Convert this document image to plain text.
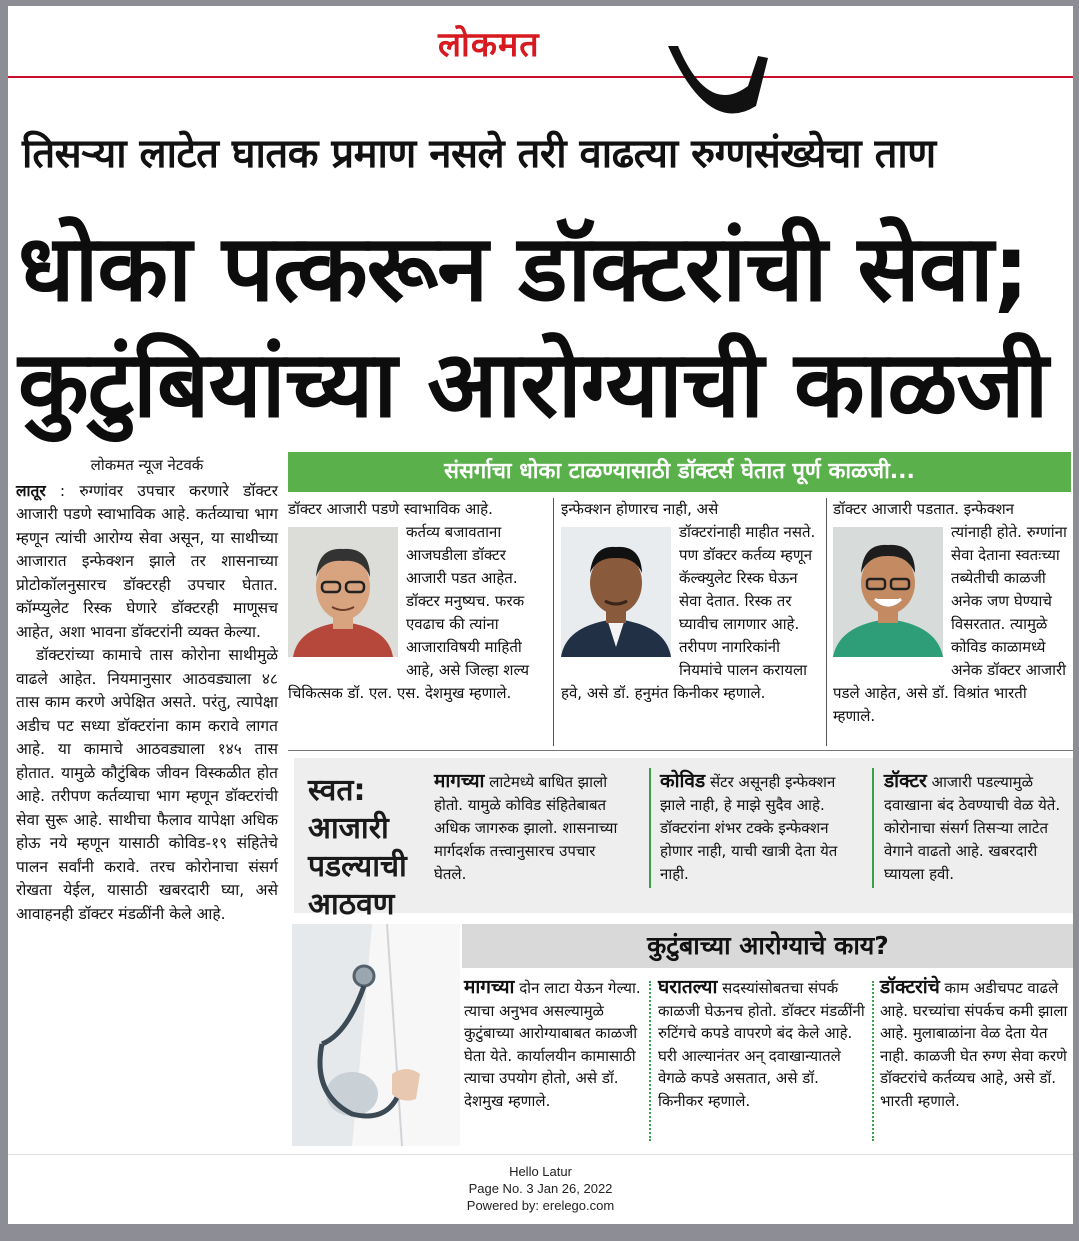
लोकमत
तिसऱ्या लाटेत घातक प्रमाण नसले तरी वाढत्या रुग्णसंख्येचा ताण
धोका पत्करून डॉक्टरांची सेवा;
कुटुंबियांच्या आरोग्याची काळजी
लोकमत न्यूज नेटवर्क

लातूर : रुग्णांवर उपचार करणारे डॉक्टर आजारी पडणे स्वाभाविक आहे. कर्तव्याचा भाग म्हणून त्यांची आरोग्य सेवा असून, या साथीच्या आजारात इन्फेक्शन झाले तर शासनाच्या प्रोटोकॉलनुसारच डॉक्टरही उपचार घेतात. कॉम्प्युलेट रिस्क घेणारे डॉक्टरही माणूसच आहेत, अशा भावना डॉक्टरांनी व्यक्त केल्या.

डॉक्टरांच्या कामाचे तास कोरोना साथीमुळे वाढले आहेत. नियमानुसार आठवड्याला ४८ तास काम करणे अपेक्षित असते. परंतु, त्यापेक्षा अडीच पट सध्या डॉक्टरांना काम करावे लागत आहे. या कामाचे आठवड्याला १४५ तास होतात. यामुळे कौटुंबिक जीवन विस्कळीत होत आहे. तरीपण कर्तव्याचा भाग म्हणून डॉक्टरांची सेवा सुरू आहे. साथीचा फैलाव यापेक्षा अधिक होऊ नये म्हणून यासाठी कोविड-१९ संहितेचे पालन सर्वांनी करावे. तरच कोरोनाचा संसर्ग रोखता येईल, यासाठी खबरदारी घ्या, असे आवाहनही डॉक्टर मंडळींनी केले आहे.

संसर्गाचा धोका टाळण्यासाठी डॉक्टर्स घेतात पूर्ण काळजी...
डॉक्टर आजारी पडणे स्वाभाविक आहे.
कर्तव्य बजावताना आजघडीला डॉक्टर आजारी पडत आहेत. डॉक्टर मनुष्यच. फरक एवढाच की त्यांना आजाराविषयी माहिती आहे, असे जिल्हा शल्य चिकित्सक डॉ. एल. एस. देशमुख म्हणाले.
इन्फेक्शन होणारच नाही, असे
डॉक्टरांनाही माहीत नसते. पण डॉक्टर कर्तव्य म्हणून कॅल्क्युलेट रिस्क घेऊन सेवा देतात. रिस्क तर घ्यावीच लागणार आहे. तरीपण नागरिकांनी नियमांचे पालन करायला हवे, असे डॉ. हनुमंत किनीकर म्हणाले.
डॉक्टर आजारी पडतात. इन्फेक्शन
त्यांनाही होते. रुग्णांना सेवा देताना स्वतःच्या तब्येतीची काळजी अनेक जण घेण्याचे विसरतात. त्यामुळे कोविड काळामध्ये अनेक डॉक्टर आजारी पडले आहेत, असे डॉ. विश्रांत भारती म्हणाले.
स्वत: आजारी पडल्याची आठवण
मागच्या लाटेमध्ये बाधित झालो होतो. यामुळे कोविड संहितेबाबत अधिक जागरुक झालो. शासनाच्या मार्गदर्शक तत्त्वानुसारच उपचार घेतले.
कोविड सेंटर असूनही इन्फेक्शन झाले नाही, हे माझे सुदैव आहे. डॉक्टरांना शंभर टक्के इन्फेक्शन होणार नाही, याची खात्री देता येत नाही.
डॉक्टर आजारी पडल्यामुळे दवाखाना बंद ठेवण्याची वेळ येते. कोरोनाचा संसर्ग तिसऱ्या लाटेत वेगाने वाढतो आहे. खबरदारी घ्यायला हवी.
कुटुंबाच्या आरोग्याचे काय?
मागच्या दोन लाटा येऊन गेल्या. त्याचा अनुभव असल्यामुळे कुटुंबाच्या आरोग्याबाबत काळजी घेता येते. कार्यालयीन कामासाठी त्याचा उपयोग होतो, असे डॉ. देशमुख म्हणाले.
घरातल्या सदस्यांसोबतचा संपर्क काळजी घेऊनच होतो. डॉक्टर मंडळींनी रुटिंगचे कपडे वापरणे बंद केले आहे. घरी आल्यानंतर अन् दवाखान्यातले वेगळे कपडे असतात, असे डॉ. किनीकर म्हणाले.
डॉक्टरांचे काम अडीचपट वाढले आहे. घरच्यांचा संपर्कच कमी झाला आहे. मुलाबाळांना वेळ देता येत नाही. काळजी घेत रुग्ण सेवा करणे डॉक्टरांचे कर्तव्यच आहे, असे डॉ. भारती म्हणाले.
Hello Latur
Page No. 3 Jan 26, 2022
Powered by: erelego.com
